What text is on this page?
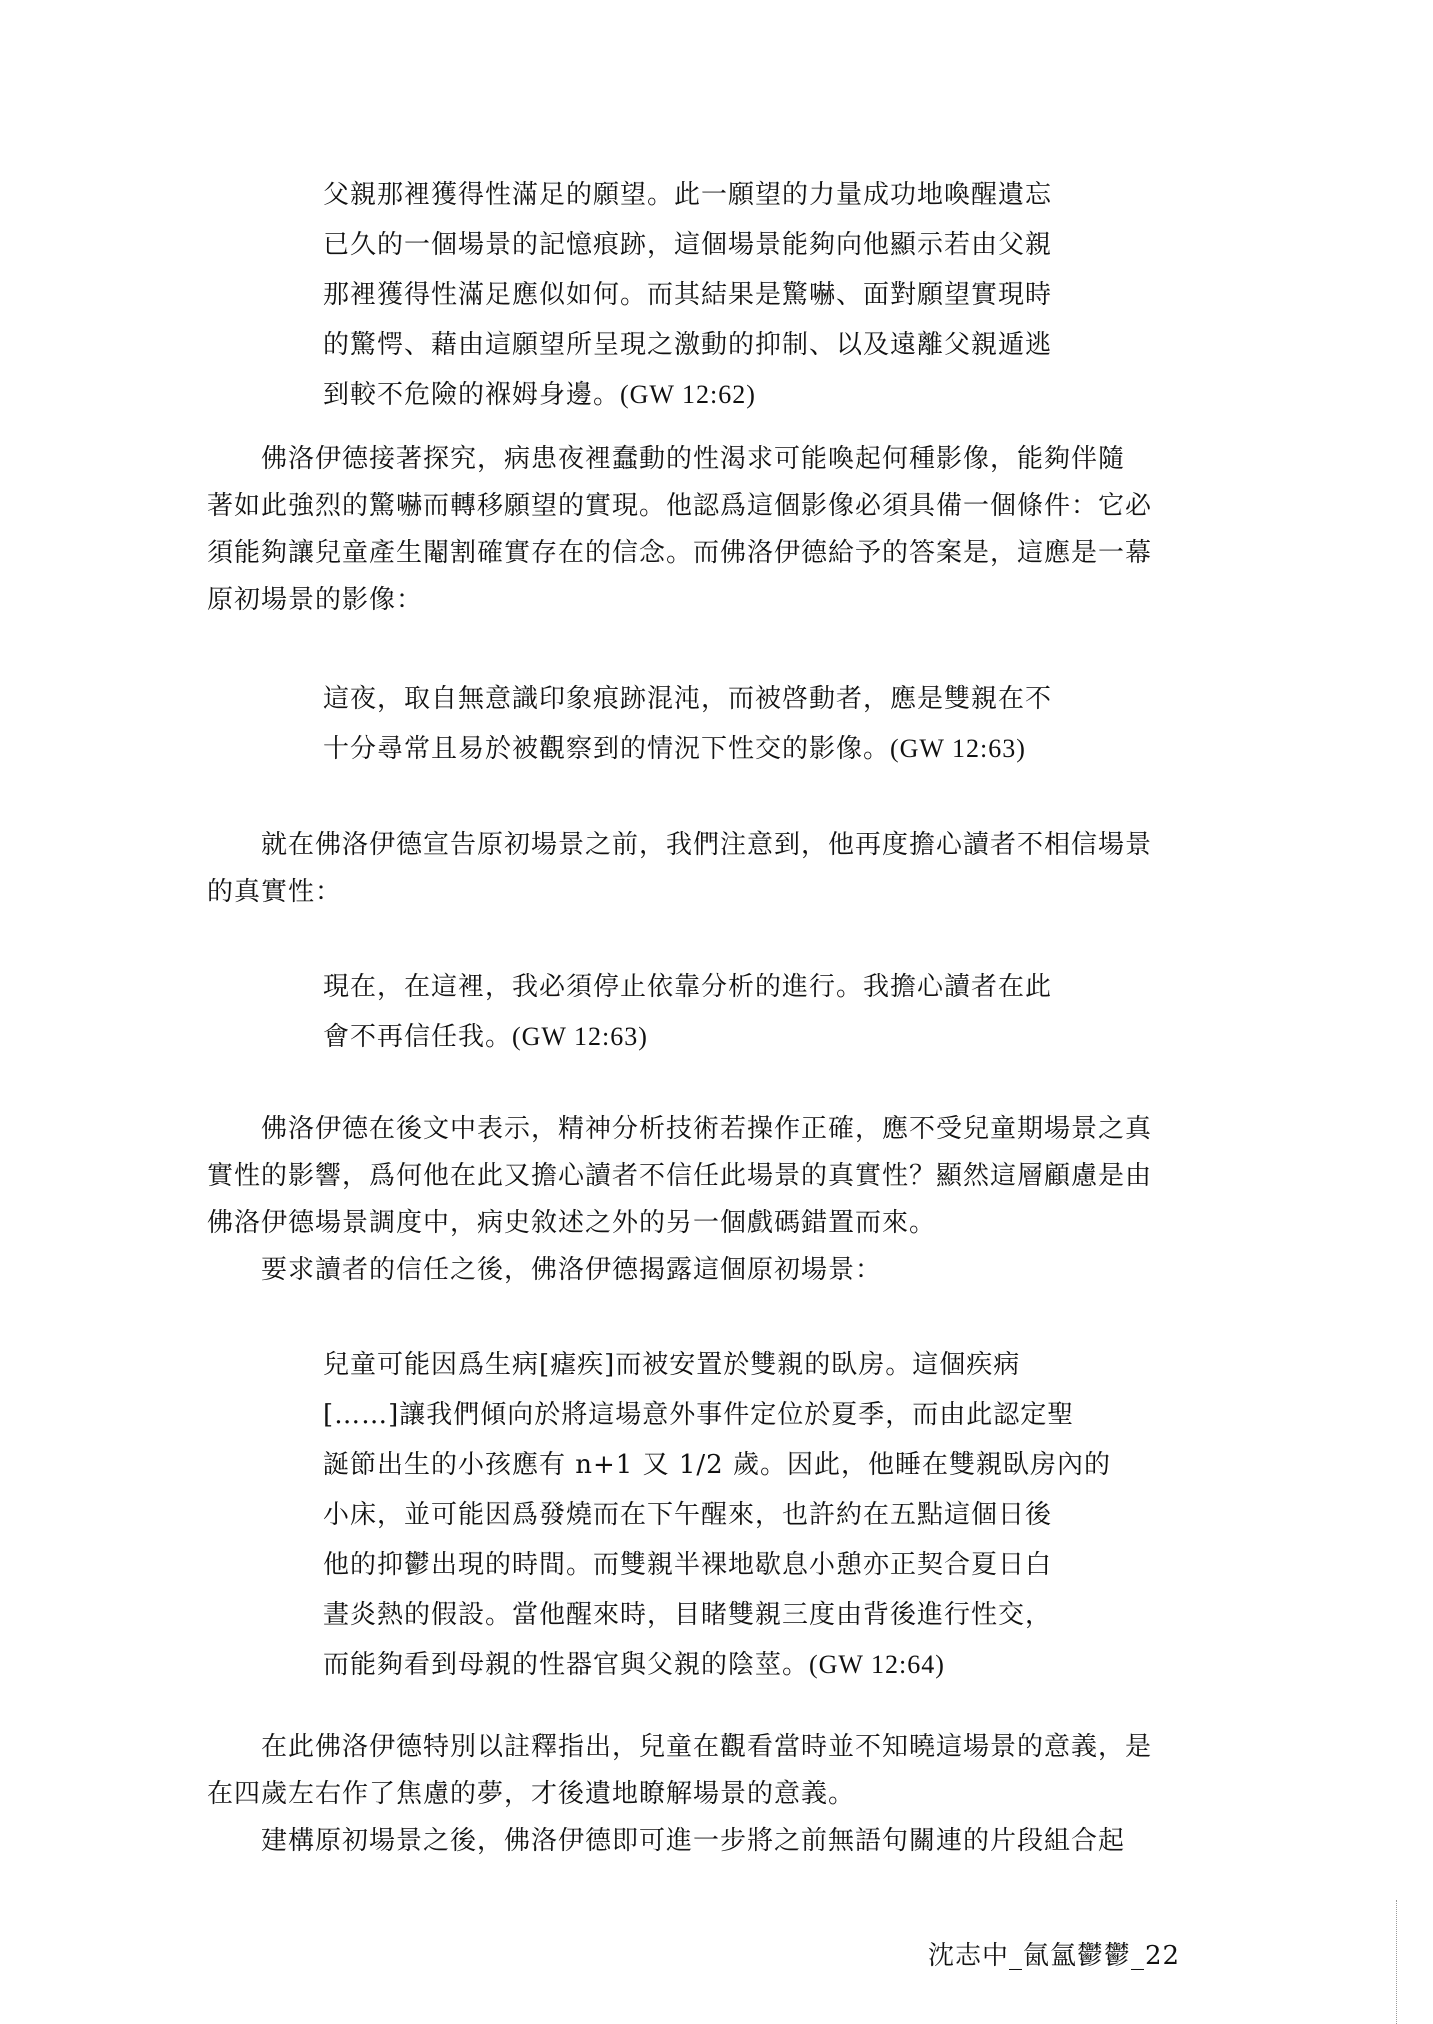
父親那裡獲得性滿足的願望。此一願望的力量成功地喚醒遺忘
已久的一個場景的記憶痕跡，這個場景能夠向他顯示若由父親
那裡獲得性滿足應似如何。而其結果是驚嚇、面對願望實現時
的驚愕、藉由這願望所呈現之激動的抑制、以及遠離父親遁逃
到較不危險的褓姆身邊。(GW 12:62)
佛洛伊德接著探究，病患夜裡蠢動的性渴求可能喚起何種影像，能夠伴隨
著如此強烈的驚嚇而轉移願望的實現。他認爲這個影像必須具備一個條件：它必
須能夠讓兒童產生閹割確實存在的信念。而佛洛伊德給予的答案是，這應是一幕
原初場景的影像：
這夜，取自無意識印象痕跡混沌，而被啓動者，應是雙親在不
十分尋常且易於被觀察到的情況下性交的影像。(GW 12:63)
就在佛洛伊德宣告原初場景之前，我們注意到，他再度擔心讀者不相信場景
的真實性：
現在，在這裡，我必須停止依靠分析的進行。我擔心讀者在此
會不再信任我。(GW 12:63)
佛洛伊德在後文中表示，精神分析技術若操作正確，應不受兒童期場景之真
實性的影響，爲何他在此又擔心讀者不信任此場景的真實性？顯然這層顧慮是由
佛洛伊德場景調度中，病史敘述之外的另一個戲碼錯置而來。
要求讀者的信任之後，佛洛伊德揭露這個原初場景：
兒童可能因爲生病[瘧疾]而被安置於雙親的臥房。這個疾病
[……]讓我們傾向於將這場意外事件定位於夏季，而由此認定聖
誕節出生的小孩應有 n+1 又 1/2 歲。因此，他睡在雙親臥房內的
小床，並可能因爲發燒而在下午醒來，也許約在五點這個日後
他的抑鬱出現的時間。而雙親半裸地歇息小憩亦正契合夏日白
晝炎熱的假設。當他醒來時，目睹雙親三度由背後進行性交，
而能夠看到母親的性器官與父親的陰莖。(GW 12:64)
在此佛洛伊德特別以註釋指出，兒童在觀看當時並不知曉這場景的意義，是
在四歲左右作了焦慮的夢，才後遺地瞭解場景的意義。
建構原初場景之後，佛洛伊德即可進一步將之前無語句關連的片段組合起
沈志中_氤氳鬱鬱_22
